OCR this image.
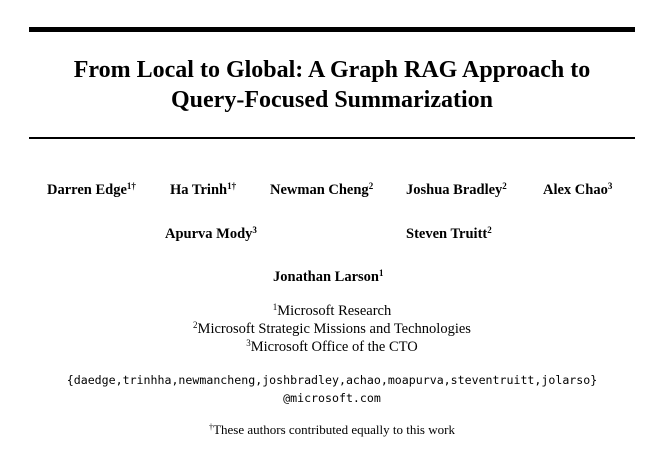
From Local to Global: A Graph RAG Approach to
Query-Focused Summarization
Darren Edge$^{1\dagger}$ Ha Trinh$^{1\dagger}$ Newman Cheng$^2$ Joshua Bradley$^2$ Alex Chao$^3$
Apurva Mody$^3$	Steven Truitt$^2$
Jonathan Larson$^1$
$^1$Microsoft Research
$^2$Microsoft Strategic Missions and Technologies
$^3$Microsoft Office of the CTO
{daedge,trinhha,newmancheng,joshbradley,achao,moapurva,steventruitt,jolarso}
@microsoft.com
†These authors contributed equally to this work
